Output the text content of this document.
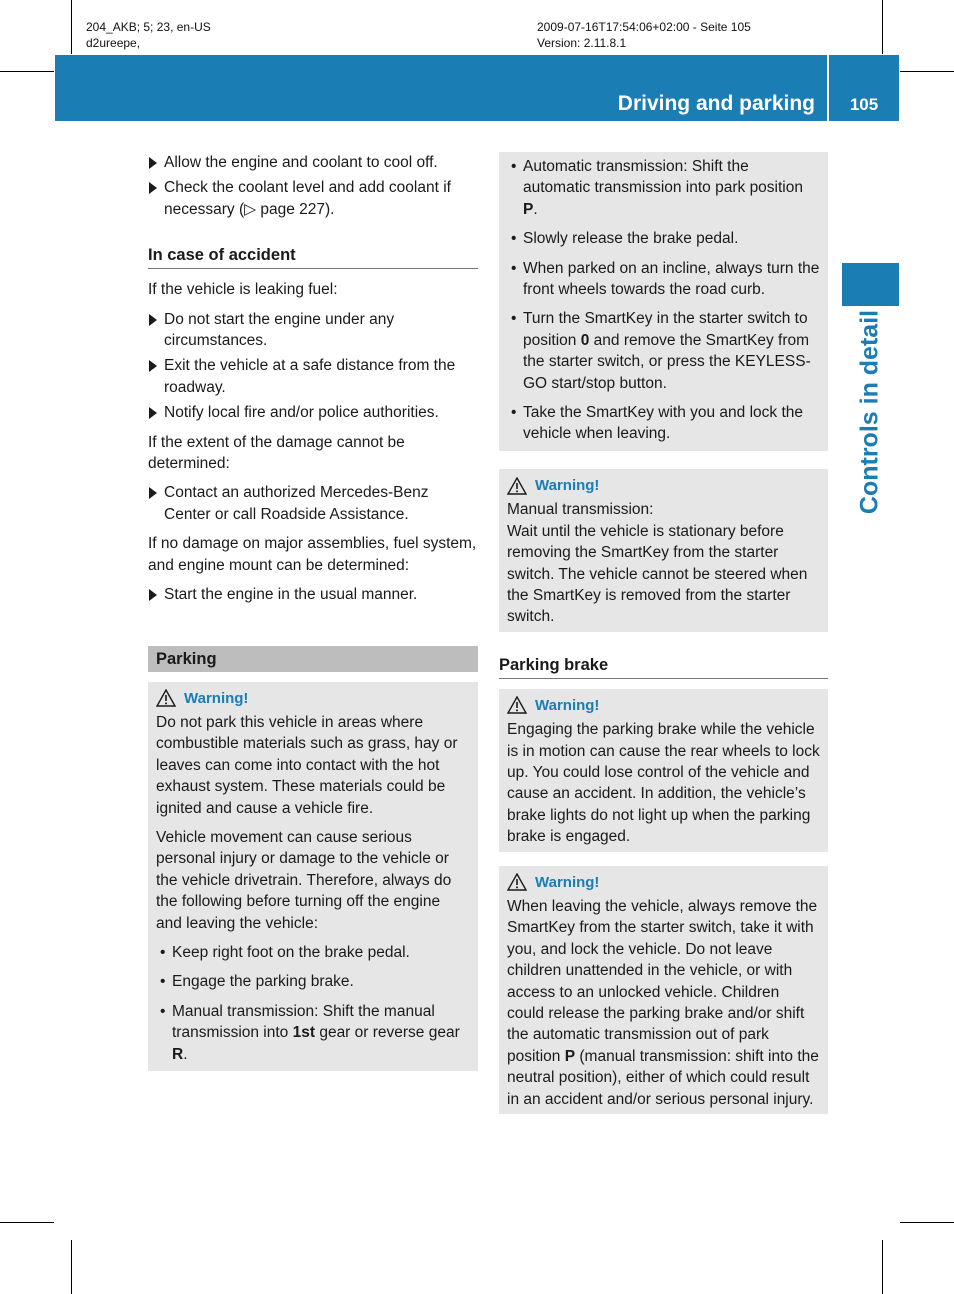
204_AKB; 5; 23, en-US
d2ureepe,
2009-07-16T17:54:06+02:00 - Seite 105
Version: 2.11.8.1
Driving and parking	105
Controls in detail
Allow the engine and coolant to cool off.
Check the coolant level and add coolant if necessary (▷ page 227).
In case of accident

If the vehicle is leaking fuel:

Do not start the engine under any circumstances.
Exit the vehicle at a safe distance from the roadway.
Notify local fire and/or police authorities.

If the extent of the damage cannot be determined:

Contact an authorized Mercedes-Benz Center or call Roadside Assistance.

If no damage on major assemblies, fuel system, and engine mount can be determined:

Start the engine in the usual manner.
Parking
Warning!

Do not park this vehicle in areas where combustible materials such as grass, hay or leaves can come into contact with the hot exhaust system. These materials could be ignited and cause a vehicle fire.

Vehicle movement can cause serious personal injury or damage to the vehicle or the vehicle drivetrain. Therefore, always do the following before turning off the engine and leaving the vehicle:

• Keep right foot on the brake pedal.
• Engage the parking brake.
• Manual transmission: Shift the manual transmission into 1st gear or reverse gear R.
• Automatic transmission: Shift the automatic transmission into park position P.
• Slowly release the brake pedal.
• When parked on an incline, always turn the front wheels towards the road curb.
• Turn the SmartKey in the starter switch to position 0 and remove the SmartKey from the starter switch, or press the KEYLESS-GO start/stop button.
• Take the SmartKey with you and lock the vehicle when leaving.
Warning!
Manual transmission:
Wait until the vehicle is stationary before removing the SmartKey from the starter switch. The vehicle cannot be steered when the SmartKey is removed from the starter switch.
Parking brake
Warning!
Engaging the parking brake while the vehicle is in motion can cause the rear wheels to lock up. You could lose control of the vehicle and cause an accident. In addition, the vehicle’s brake lights do not light up when the parking brake is engaged.
Warning!
When leaving the vehicle, always remove the SmartKey from the starter switch, take it with you, and lock the vehicle. Do not leave children unattended in the vehicle, or with access to an unlocked vehicle. Children could release the parking brake and/or shift the automatic transmission out of park position P (manual transmission: shift into the neutral position), either of which could result in an accident and/or serious personal injury.
